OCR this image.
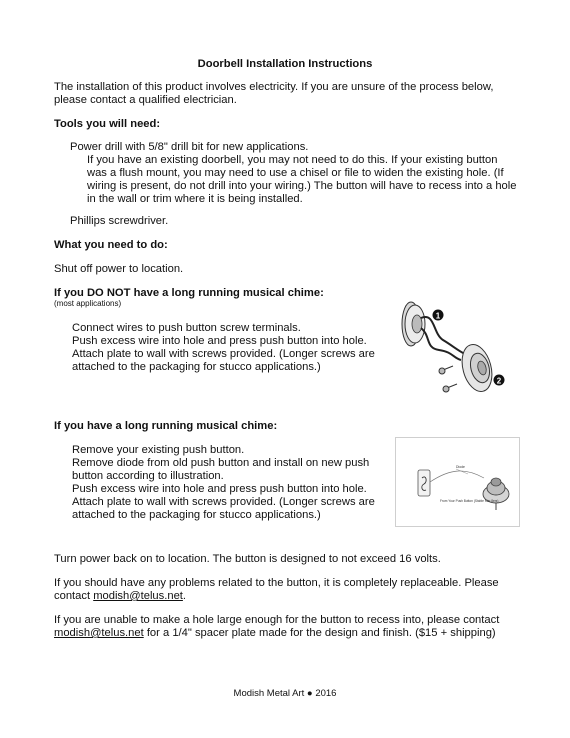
Doorbell Installation Instructions

The installation of this product involves electricity. If you are unsure of the process below, please contact a qualified electrician.

Tools you will need:
Power drill with 5/8" drill bit for new applications.

If you have an existing doorbell, you may not need to do this. If your existing button was a flush mount, you may need to use a chisel or file to widen the existing hole. (If wiring is present, do not drill into your wiring.) The button will have to recess into a hole in the wall or trim where it is being installed.

Phillips screwdriver.
What you need to do:
Shut off power to location.
If you DO NOT have a long running musical chime:
(most applications)

Connect wires to push button screw terminals.

Push excess wire into hole and press push button into hole.

Attach plate to wall with screws provided. (Longer screws are attached to the packaging for stucco applications.)

1
2
If you have a long running musical chime:

Remove your existing push button.

Remove diode from old push button and install on new push button according to illustration.

Push excess wire into hole and press push button into hole.

Attach plate to wall with screws provided. (Longer screws are attached to the packaging for stucco applications.)

Diode
From Your Push Button (Stable Mar 8ers)
Turn power back on to location. The button is designed to not exceed 16 volts.

If you should have any problems related to the button, it is completely replaceable. Please contact modish@telus.net.

If you are unable to make a hole large enough for the button to recess into, please contact modish@telus.net for a 1/4" spacer plate made for the design and finish. ($15 + shipping)

Modish Metal Art ● 2016
